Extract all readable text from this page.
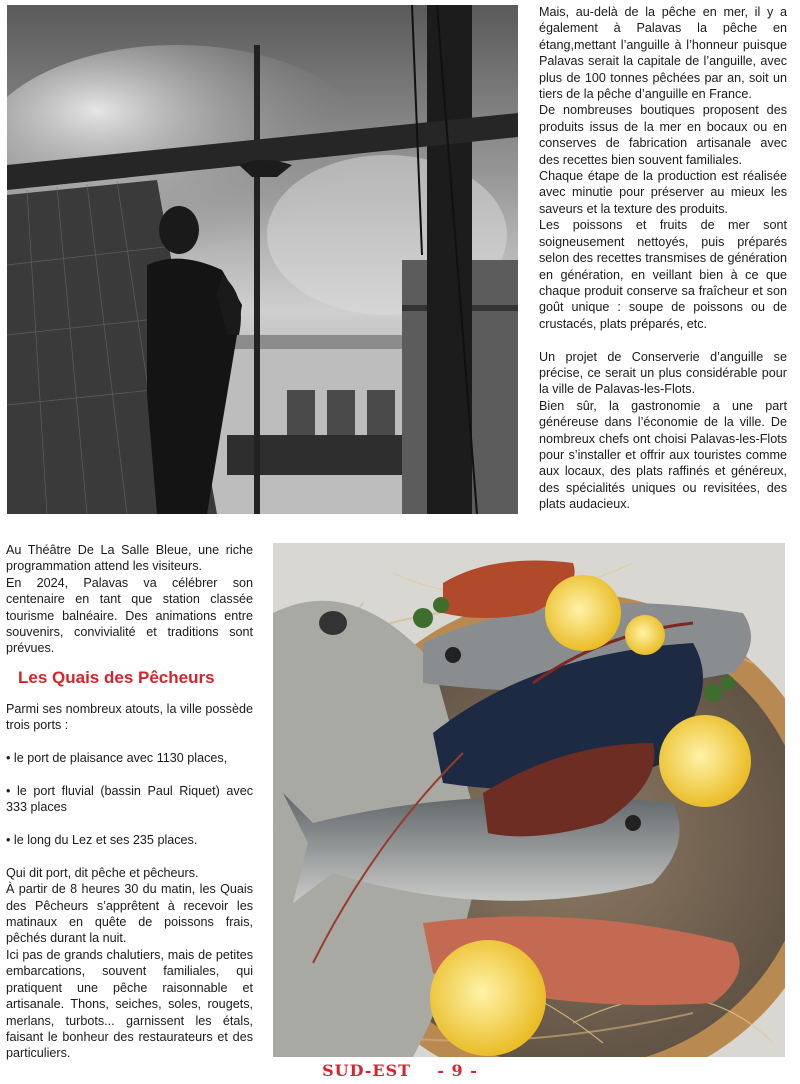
Mais, au-delà de la pêche en mer, il y a également à Palavas la pêche en étang,mettant l’anguille à l’honneur puisque Palavas serait la capitale de l’anguille, avec plus de 100 tonnes pêchées par an, soit un tiers de la pêche d’anguille en France.

De nombreuses boutiques proposent des produits issus de la mer en bocaux ou en conserves de fabrication artisanale avec des recettes bien souvent familiales.

Chaque étape de la production est réalisée avec minutie pour préserver au mieux les saveurs et la texture des produits.

Les poissons et fruits de mer sont soigneusement nettoyés, puis préparés selon des recettes transmises de génération en génération, en veillant bien à ce que chaque produit conserve sa fraîcheur et son goût unique : soupe de poissons ou de crustacés, plats préparés, etc.

Un projet de Conserverie d’anguille se précise, ce serait un plus considérable pour la ville de Palavas-les-Flots.

Bien sûr, la gastronomie a une part généreuse dans l’économie de la ville. De nombreux chefs ont choisi Palavas-les-Flots pour s’installer et offrir aux touristes comme aux locaux, des plats raffinés et généreux, des spécialités uniques ou revisitées, des plats audacieux.

Au Théâtre De La Salle Bleue, une riche programmation attend les visiteurs.

En 2024, Palavas va célébrer son centenaire en tant que station classée tourisme balnéaire. Des animations entre souvenirs, convivialité et traditions sont prévues.

Les Quais des Pêcheurs

Parmi ses nombreux atouts, la ville possède trois ports :

• le port de plaisance avec 1130 places,

• le port fluvial (bassin Paul Riquet) avec 333 places

• le long du Lez et ses 235 places.

Qui dit port, dit pêche et pêcheurs.

À partir de 8 heures 30 du matin, les Quais des Pêcheurs s’apprêtent à recevoir les matinaux en quête de poissons frais, pêchés durant la nuit.

Ici pas de grands chalutiers, mais de petites embarcations, souvent familiales, qui pratiquent une pêche raisonnable et artisanale. Thons, seiches, soles, rougets, merlans, turbots... garnissent les étals, faisant le bonheur des restaurateurs et des particuliers.

SUD-EST - 9 -
